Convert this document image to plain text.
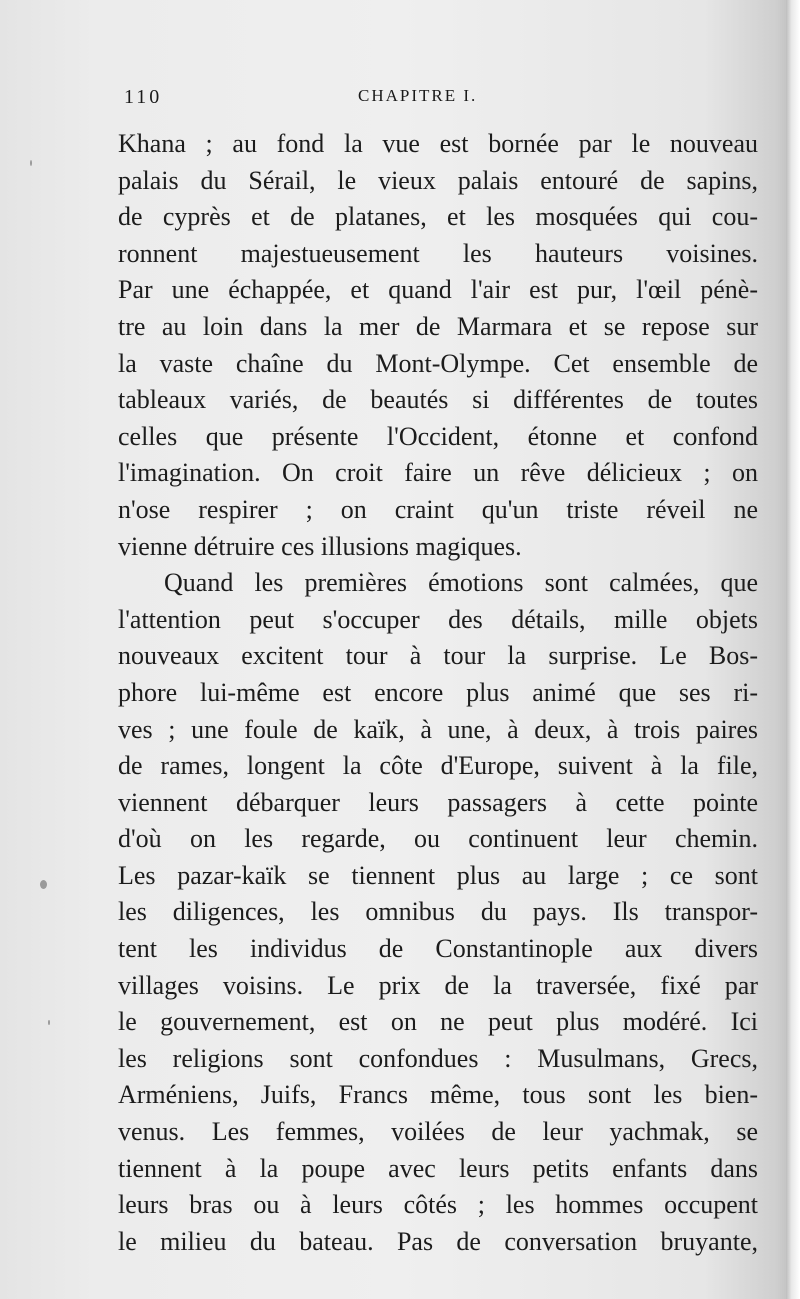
110	CHAPITRE I.
Khana ; au fond la vue est bornée par le nouveau
palais du Sérail, le vieux palais entouré de sapins,
de cyprès et de platanes, et les mosquées qui cou-
ronnent majestueusement les hauteurs voisines.
Par une échappée, et quand l'air est pur, l'œil pénè-
tre au loin dans la mer de Marmara et se repose sur
la vaste chaîne du Mont-Olympe. Cet ensemble de
tableaux variés, de beautés si différentes de toutes
celles que présente l'Occident, étonne et confond
l'imagination. On croit faire un rêve délicieux ; on
n'ose respirer ; on craint qu'un triste réveil ne
vienne détruire ces illusions magiques.
Quand les premières émotions sont calmées, que
l'attention peut s'occuper des détails, mille objets
nouveaux excitent tour à tour la surprise. Le Bos-
phore lui-même est encore plus animé que ses ri-
ves ; une foule de kaïk, à une, à deux, à trois paires
de rames, longent la côte d'Europe, suivent à la file,
viennent débarquer leurs passagers à cette pointe
d'où on les regarde, ou continuent leur chemin.
Les pazar-kaïk se tiennent plus au large ; ce sont
les diligences, les omnibus du pays. Ils transpor-
tent les individus de Constantinople aux divers
villages voisins. Le prix de la traversée, fixé par
le gouvernement, est on ne peut plus modéré. Ici
les religions sont confondues : Musulmans, Grecs,
Arméniens, Juifs, Francs même, tous sont les bien-
venus. Les femmes, voilées de leur yachmak, se
tiennent à la poupe avec leurs petits enfants dans
leurs bras ou à leurs côtés ; les hommes occupent
le milieu du bateau. Pas de conversation bruyante,
